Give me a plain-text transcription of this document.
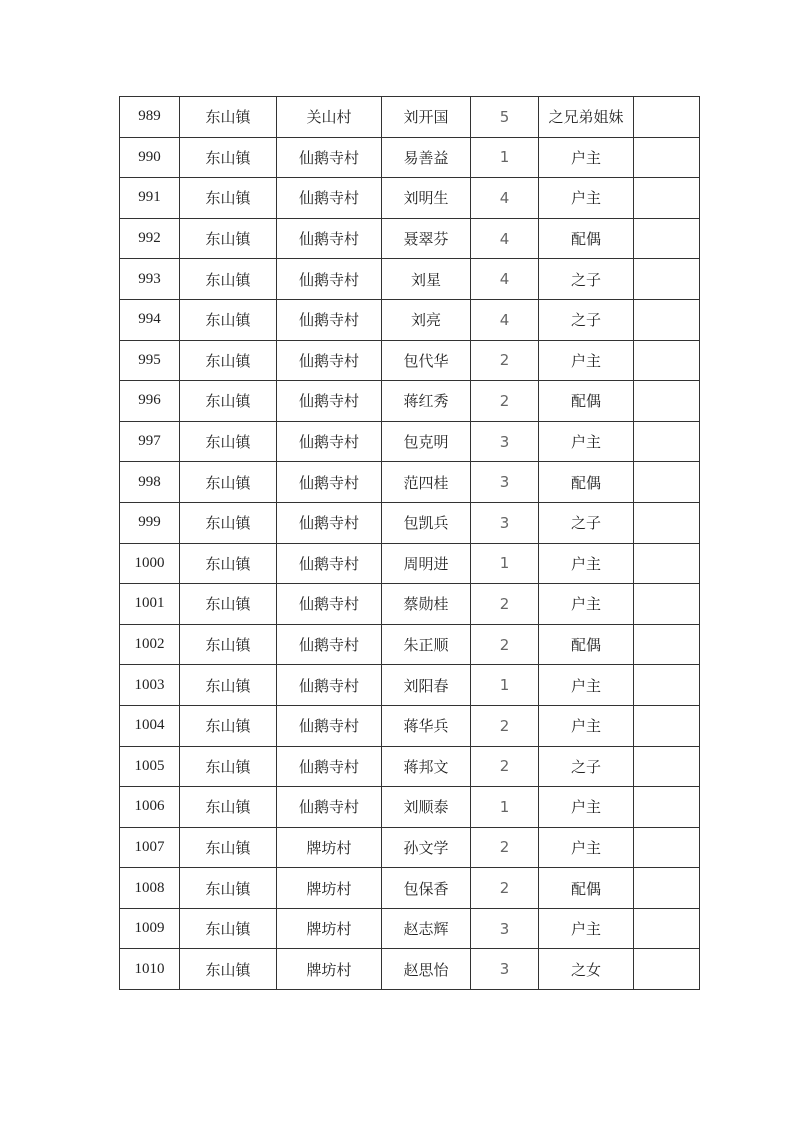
989	东山镇	关山村	刘开国	5	之兄弟姐妹	
990	东山镇	仙鹅寺村	易善益	1	户主	
991	东山镇	仙鹅寺村	刘明生	4	户主	
992	东山镇	仙鹅寺村	聂翠芬	4	配偶	
993	东山镇	仙鹅寺村	刘星	4	之子	
994	东山镇	仙鹅寺村	刘亮	4	之子	
995	东山镇	仙鹅寺村	包代华	2	户主	
996	东山镇	仙鹅寺村	蒋红秀	2	配偶	
997	东山镇	仙鹅寺村	包克明	3	户主	
998	东山镇	仙鹅寺村	范四桂	3	配偶	
999	东山镇	仙鹅寺村	包凯兵	3	之子	
1000	东山镇	仙鹅寺村	周明进	1	户主	
1001	东山镇	仙鹅寺村	蔡勋桂	2	户主	
1002	东山镇	仙鹅寺村	朱正顺	2	配偶	
1003	东山镇	仙鹅寺村	刘阳春	1	户主	
1004	东山镇	仙鹅寺村	蒋华兵	2	户主	
1005	东山镇	仙鹅寺村	蒋邦文	2	之子	
1006	东山镇	仙鹅寺村	刘顺泰	1	户主	
1007	东山镇	牌坊村	孙文学	2	户主	
1008	东山镇	牌坊村	包保香	2	配偶	
1009	东山镇	牌坊村	赵志辉	3	户主	
1010	东山镇	牌坊村	赵思怡	3	之女	
